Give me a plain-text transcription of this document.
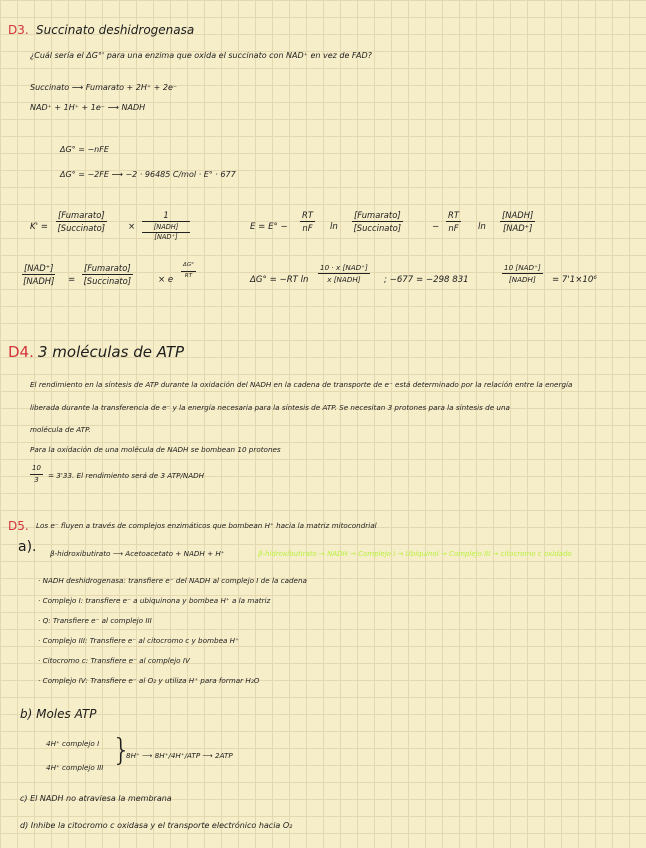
D3. Succinato deshidrogenasa
¿Cuál sería el ΔG°' para una enzima que oxida el succinato con NAD⁺ en vez de FAD?
Succinato ⟶ Fumarato + 2H⁺ + 2e⁻
NAD⁺ + 1H⁺ + 1e⁻ ⟶ NADH
ΔG° = −nFE
ΔG° = −2FE ⟶ −2 · 96485 C/mol · E° · 677
K' =
[Fumarato]
[Succinato]	×
1
[NADH]
[NAD⁺]
$E = E^\circ - \frac{RT}{nF}$ ln
[Fumarato]
[Succinato]	− $\frac{RT}{nF}$ ln
[NADH]
[NAD⁺]
[NAD⁺]
[NADH] =
[Fumarato]
[Succinato]	× e
$\frac{\Delta G^\circ}{RT}$
ΔG° = −RT ln
10 · x [NAD⁺]
x [NADH]	; −677 = −298 831
10 [NAD⁺]
[NADH]	= 7'1×10⁶
D4. 3 moléculas de ATP
El rendimiento en la síntesis de ATP durante la oxidación del NADH en la cadena de transporte de e⁻ está determinado por la relación entre la energía
liberada durante la transferencia de e⁻ y la energía necesaria para la síntesis de ATP. Se necesitan 3 protones para la síntesis de una
molécula de ATP.
Para la oxidación de una molécula de NADH se bombean 10 protones
$\frac{10}{3} = 3'33$. El rendimiento será de 3 ATP/NADH
D5. Los e⁻ fluyen a través de complejos enzimáticos que bombean H⁺ hacia la matriz mitocondrial
a). β-hidroxibutirato ⟶ Acetoacetato + NADH + H⁺	β-hidroxibutirato → NADH → Complejo I → Ubiquinol → Complejo III → citocromo c oxidado
· NADH deshidrogenasa: transfiere e⁻ del NADH al complejo I de la cadena
· Complejo I: transfiere e⁻ a ubiquinona y bombea H⁺ a la matriz
· Q: Transfiere e⁻ al complejo III
· Complejo III: Transfiere e⁻ al citocromo c y bombea H⁺
· Citocromo c: Transfiere e⁻ al complejo IV
· Complejo IV: Transfiere e⁻ al O₂ y utiliza H⁺ para formar H₂O
b) Moles ATP
4H⁺ complejo I
4H⁺ complejo III }
8H⁺ ⟶ 8H⁺/4H⁺/ATP ⟶ 2ATP
c) El NADH no atraviesa la membrana
d) Inhibe la citocromo c oxidasa y el transporte electrónico hacia O₂
